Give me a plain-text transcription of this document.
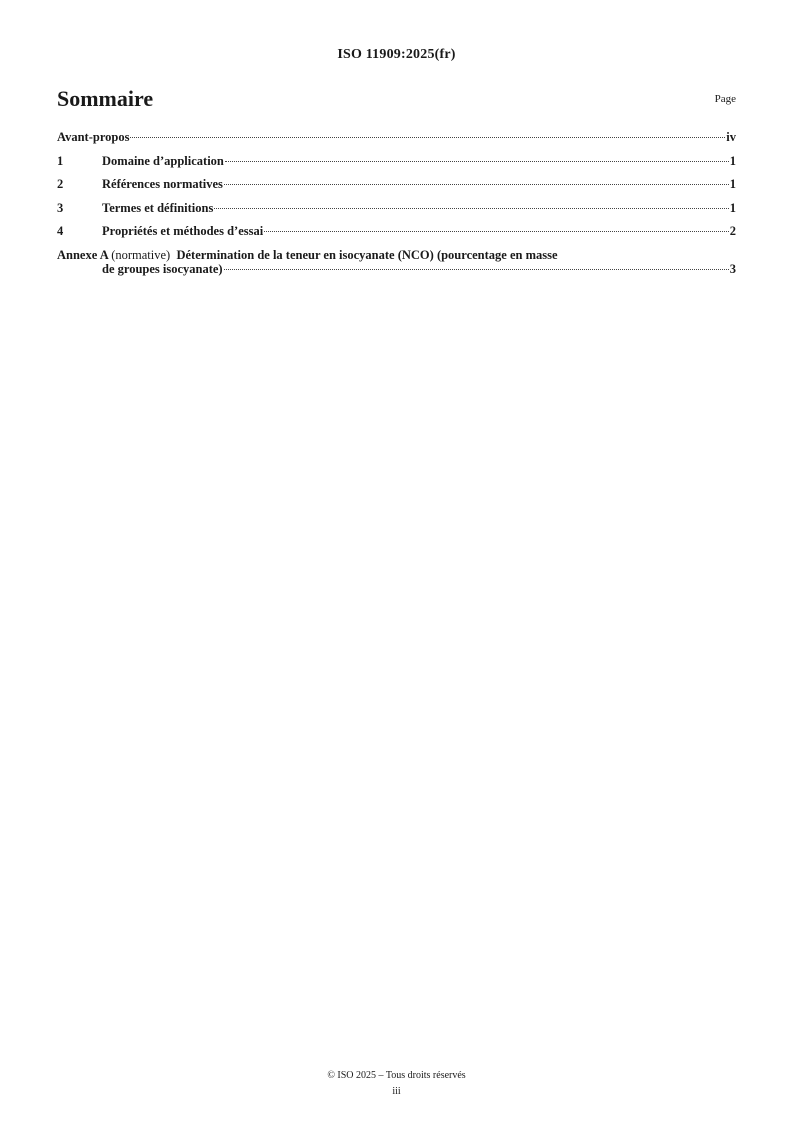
ISO 11909:2025(fr)
Sommaire	Page
Avant-propos	iv
1	Domaine d’application	1
2	Références normatives	1
3	Termes et définitions	1
4	Propriétés et méthodes d’essai	2
Annexe A (normative) Détermination de la teneur en isocyanate (NCO) (pourcentage en masse
de groupes isocyanate)	3
© ISO 2025 – Tous droits réservés
iii
